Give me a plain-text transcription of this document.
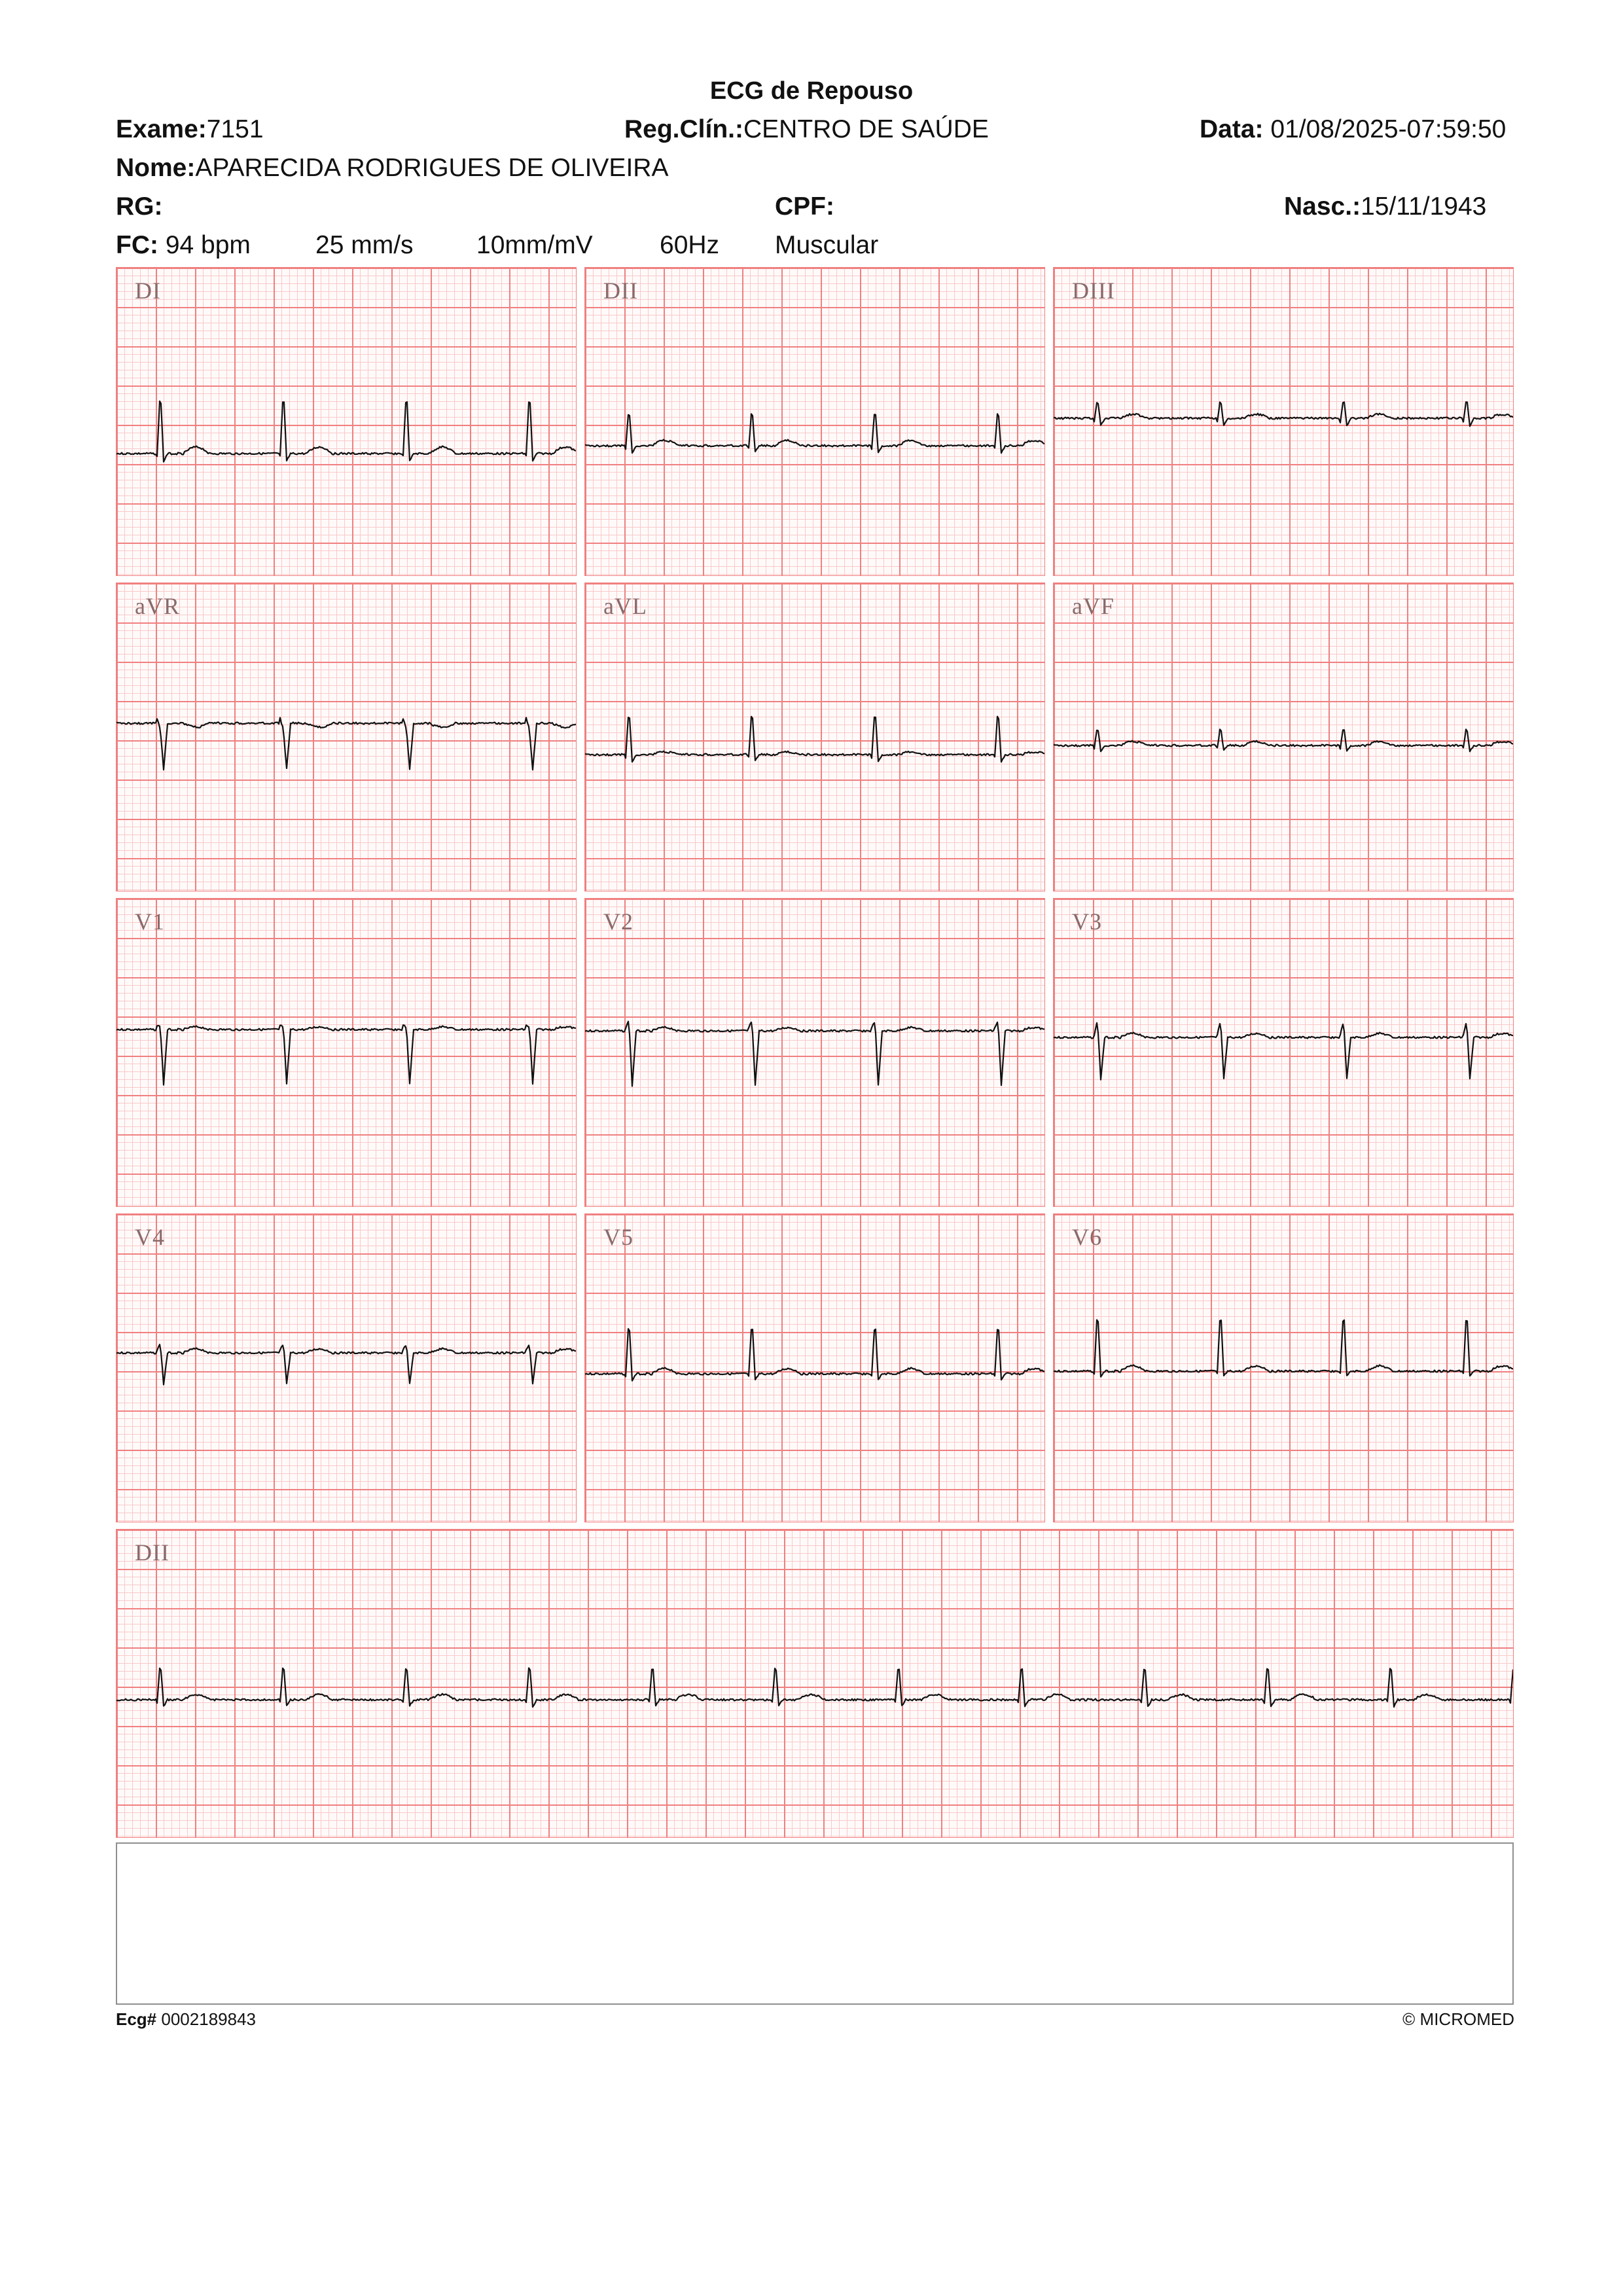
ECG de Repouso
Exame:7151	Reg.Clín.:CENTRO DE SAÚDE	Data: 01/08/2025-07:59:50
Nome:APARECIDA RODRIGUES DE OLIVEIRA
RG:	CPF:	Nasc.:15/11/1943
FC: 94 bpm	25 mm/s 10mm/mV	60Hz Muscular
DI	DII	DIII
aVR	aVL	aVF
V1	V2	V3
V4	V5	V6
DII
Ecg# 0002189843	© MICROMED
